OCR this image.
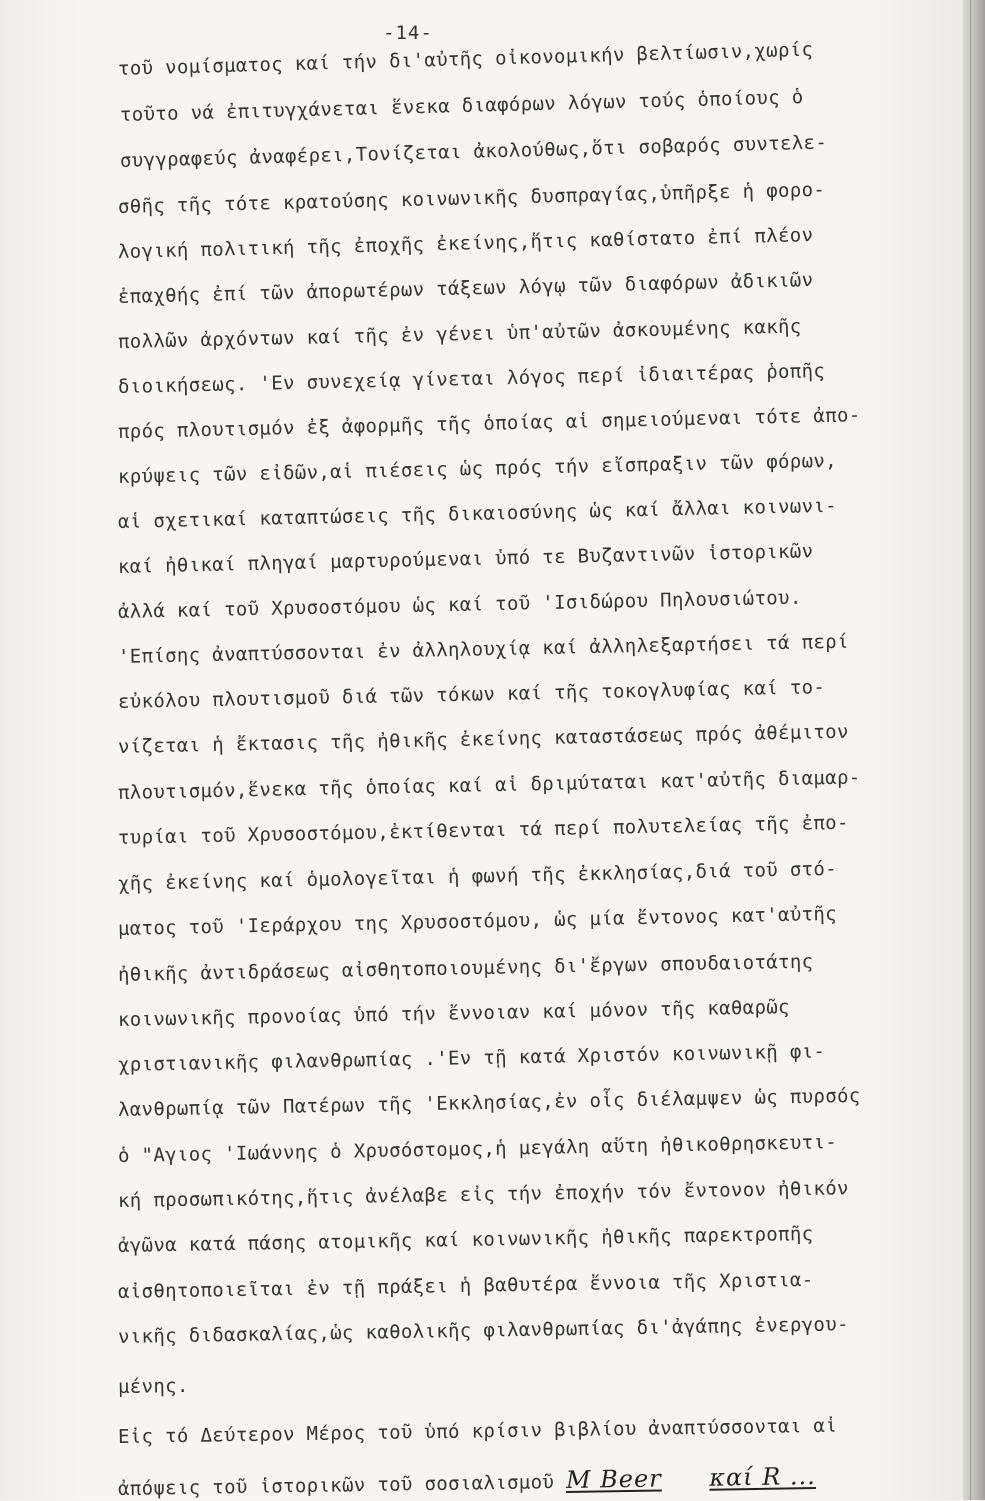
-14-
τοῦ νομίσματος καί τήν δι'αὐτῆς οἰκονομικήν βελτίωσιν,χωρίς
τοῦτο νά ἐπιτυγχάνεται ἕνεκα διαφόρων λόγων τούς ὁποίους ὁ
συγγραφεύς ἀναφέρει,Τονίζεται ἀκολούθως,ὅτι σοβαρός συντελε-
σθῆς τῆς τότε κρατούσης κοινωνικῆς δυσπραγίας,ὑπῆρξε ἡ φορο-
λογική πολιτική τῆς ἐποχῆς ἐκείνης,ἥτις καθίστατο ἐπί πλέον
ἐπαχθής ἐπί τῶν ἀπορωτέρων τάξεων λόγῳ τῶν διαφόρων ἀδικιῶν
πολλῶν ἀρχόντων καί τῆς ἐν γένει ὑπ'αὐτῶν ἀσκουμένης κακῆς
διοικήσεως. 'Εν συνεχείᾳ γίνεται λόγος περί ἰδιαιτέρας ῥοπῆς
πρός πλουτισμόν ἐξ ἀφορμῆς τῆς ὁποίας αἱ σημειούμεναι τότε ἀπο-
κρύψεις τῶν εἰδῶν,αἱ πιέσεις ὡς πρός τήν εἴσπραξιν τῶν φόρων,
αἱ σχετικαί καταπτώσεις τῆς δικαιοσύνης ὡς καί ἄλλαι κοινωνι-
καί ἠθικαί πληγαί μαρτυρούμεναι ὑπό τε Βυζαντινῶν ἱστορικῶν
ἀλλά καί τοῦ Χρυσοστόμου ὡς καί τοῦ 'Ισιδώρου Πηλουσιώτου.
'Επίσης ἀναπτύσσονται ἐν ἀλληλουχίᾳ καί ἀλληλεξαρτήσει τά περί
εὐκόλου πλουτισμοῦ διά τῶν τόκων καί τῆς τοκογλυφίας καί το-
νίζεται ἡ ἔκτασις τῆς ἠθικῆς ἐκείνης καταστάσεως πρός ἀθέμιτον
πλουτισμόν,ἕνεκα τῆς ὁποίας καί αἱ δριμύταται κατ'αὐτῆς διαμαρ-
τυρίαι τοῦ Χρυσοστόμου,ἐκτίθενται τά περί πολυτελείας τῆς ἐπο-
χῆς ἐκείνης καί ὁμολογεῖται ἡ φωνή τῆς ἐκκλησίας,διά τοῦ στό-
ματος τοῦ 'Ιεράρχου της Χρυσοστόμου, ὡς μία ἔντονος κατ'αὐτῆς
ἠθικῆς ἀντιδράσεως αἰσθητοποιουμένης δι'ἔργων σπουδαιοτάτης
κοινωνικῆς προνοίας ὑπό τήν ἔννοιαν καί μόνον τῆς καθαρῶς
χριστιανικῆς φιλανθρωπίας .'Εν τῇ κατά Χριστόν κοινωνικῇ φι-
λανθρωπίᾳ τῶν Πατέρων τῆς 'Εκκλησίας,ἐν οἷς διέλαμψεν ὡς πυρσός
ὁ "Αγιος 'Ιωάννης ὁ Χρυσόστομος,ἡ μεγάλη αὕτη ἠθικοθρησκευτι-
κή προσωπικότης,ἥτις ἀνέλαβε εἰς τήν ἐποχήν τόν ἔντονον ἠθικόν
ἀγῶνα κατά πάσης ατομικῆς καί κοινωνικῆς ἠθικῆς παρεκτροπῆς
αἰσθητοποιεῖται ἐν τῇ πράξει ἡ βαθυτέρα ἔννοια τῆς Χριστια-
νικῆς διδασκαλίας,ὡς καθολικῆς φιλανθρωπίας δι'ἀγάπης ἐνεργου-
μένης.
Εἰς τό Δεύτερον Μέρος τοῦ ὑπό κρίσιν βιβλίου ἀναπτύσσονται αἱ
ἀπόψεις τοῦ ἱστορικῶν τοῦ σοσιαλισμοῦ M Beer καί R ...
